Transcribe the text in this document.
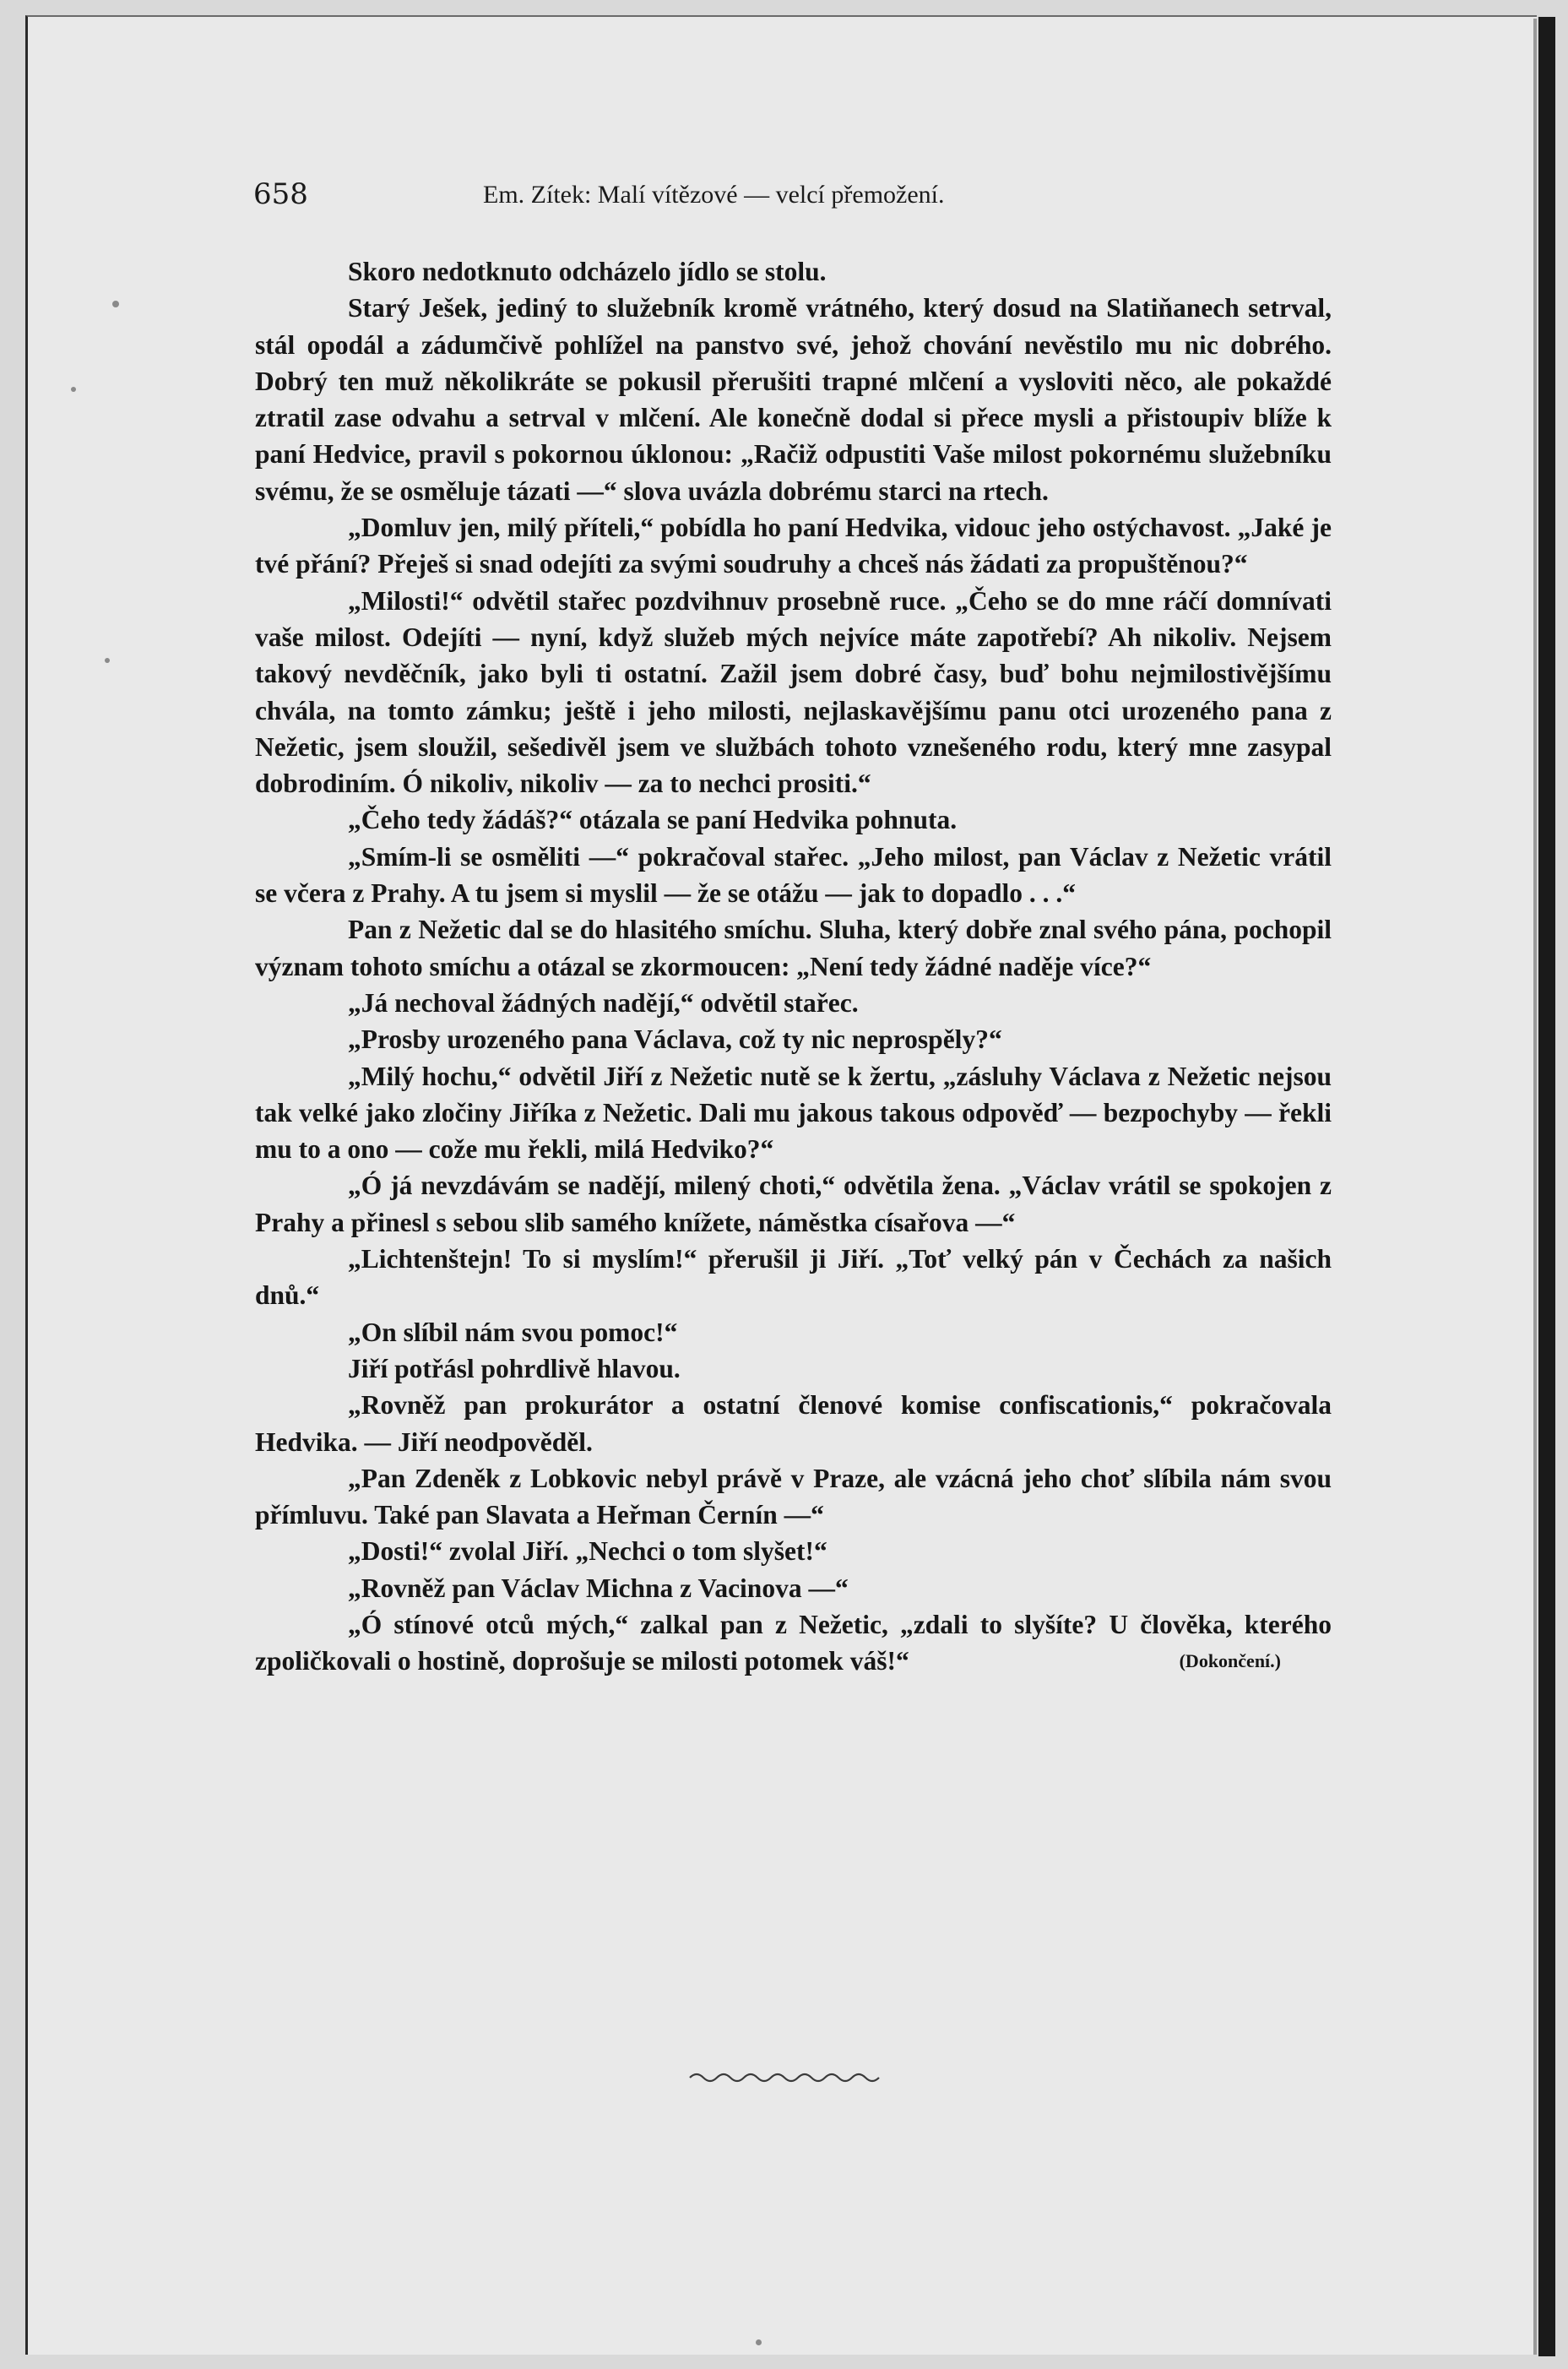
658	Em. Zítek: Malí vítězové — velcí přemožení.

Skoro nedotknuto odcházelo jídlo se stolu.

Starý Ješek, jediný to služebník kromě vrátného, který dosud na Slatiňanech setrval, stál opodál a zádumčivě pohlížel na panstvo své, jehož chování nevěstilo mu nic dobrého. Dobrý ten muž několikráte se pokusil přerušiti trapné mlčení a vysloviti něco, ale pokaždé ztratil zase odvahu a setrval v mlčení. Ale konečně dodal si přece mysli a přistoupiv blíže k paní Hedvice, pravil s pokornou úklonou: „Račiž odpustiti Vaše milost pokornému služebníku svému, že se osměluje tázati —“ slova uvázla dobrému starci na rtech.

„Domluv jen, milý příteli,“ pobídla ho paní Hedvika, vidouc jeho ostýchavost. „Jaké je tvé přání? Přeješ si snad odejíti za svými soudruhy a chceš nás žádati za propuštěnou?“

„Milosti!“ odvětil stařec pozdvihnuv prosebně ruce. „Čeho se do mne ráčí domnívati vaše milost. Odejíti — nyní, když služeb mých nejvíce máte zapotřebí? Ah nikoliv. Nejsem takový nevděčník, jako byli ti ostatní. Zažil jsem dobré časy, buď bohu nejmilostivějšímu chvála, na tomto zámku; ještě i jeho milosti, nejlaskavějšímu panu otci urozeného pana z Nežetic, jsem sloužil, sešedivěl jsem ve službách tohoto vznešeného rodu, který mne zasypal dobrodiním. Ó nikoliv, nikoliv — za to nechci prositi.“

„Čeho tedy žádáš?“ otázala se paní Hedvika pohnuta.

„Smím-li se osměliti —“ pokračoval stařec. „Jeho milost, pan Václav z Nežetic vrátil se včera z Prahy. A tu jsem si myslil — že se otážu — jak to dopadlo . . .“

Pan z Nežetic dal se do hlasitého smíchu. Sluha, který dobře znal svého pána, pochopil význam tohoto smíchu a otázal se zkormoucen: „Není tedy žádné naděje více?“

„Já nechoval žádných nadějí,“ odvětil stařec.

„Prosby urozeného pana Václava, což ty nic neprospěly?“

„Milý hochu,“ odvětil Jiří z Nežetic nutě se k žertu, „zásluhy Václava z Nežetic nejsou tak velké jako zločiny Jiříka z Nežetic. Dali mu jakous takous odpověď — bezpochyby — řekli mu to a ono — cože mu řekli, milá Hedviko?“

„Ó já nevzdávám se nadějí, milený choti,“ odvětila žena. „Václav vrátil se spokojen z Prahy a přinesl s sebou slib samého knížete, náměstka císařova —“

„Lichtenštejn! To si myslím!“ přerušil ji Jiří. „Toť velký pán v Čechách za našich dnů.“

„On slíbil nám svou pomoc!“

Jiří potřásl pohrdlivě hlavou.

„Rovněž pan prokurátor a ostatní členové komise confiscationis,“ pokračovala Hedvika. — Jiří neodpověděl.

„Pan Zdeněk z Lobkovic nebyl právě v Praze, ale vzácná jeho choť slíbila nám svou přímluvu. Také pan Slavata a Heřman Černín —“

„Dosti!“ zvolal Jiří. „Nechci o tom slyšet!“

„Rovněž pan Václav Michna z Vacinova —“

„Ó stínové otců mých,“ zalkal pan z Nežetic, „zdali to slyšíte? U člověka, kterého zpoličkovali o hostině, doprošuje se milosti potomek váš!“	(Dokončení.)
